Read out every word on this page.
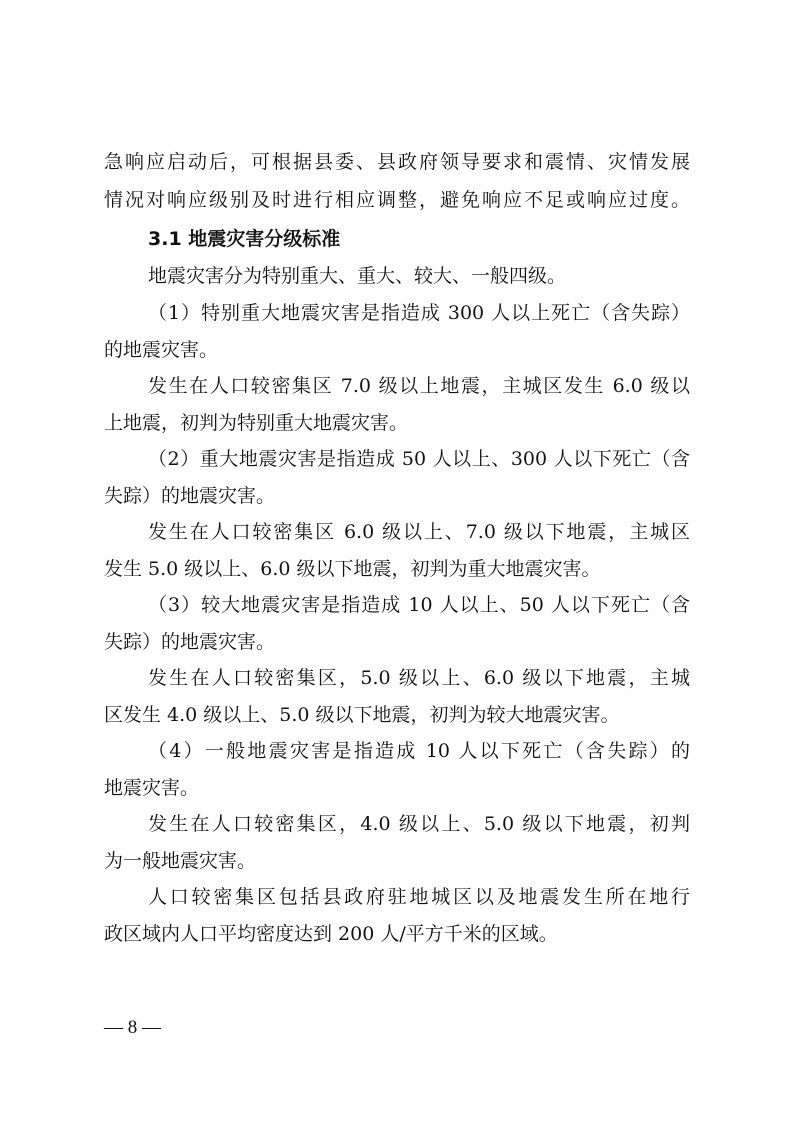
急响应启动后，可根据县委、县政府领导要求和震情、灾情发展
情况对响应级别及时进行相应调整，避免响应不足或响应过度。
3.1 地震灾害分级标准
地震灾害分为特别重大、重大、较大、一般四级。
（1）特别重大地震灾害是指造成 300 人以上死亡（含失踪）
的地震灾害。
发生在人口较密集区 7.0 级以上地震，主城区发生 6.0 级以
上地震，初判为特别重大地震灾害。
（2）重大地震灾害是指造成 50 人以上、300 人以下死亡（含
失踪）的地震灾害。
发生在人口较密集区 6.0 级以上、7.0 级以下地震，主城区
发生 5.0 级以上、6.0 级以下地震，初判为重大地震灾害。
（3）较大地震灾害是指造成 10 人以上、50 人以下死亡（含
失踪）的地震灾害。
发生在人口较密集区，5.0 级以上、6.0 级以下地震，主城
区发生 4.0 级以上、5.0 级以下地震，初判为较大地震灾害。
（4）一般地震灾害是指造成 10 人以下死亡（含失踪）的
地震灾害。
发生在人口较密集区，4.0 级以上、5.0 级以下地震，初判
为一般地震灾害。
人口较密集区包括县政府驻地城区以及地震发生所在地行
政区域内人口平均密度达到 200 人/平方千米的区域。
— 8 —
